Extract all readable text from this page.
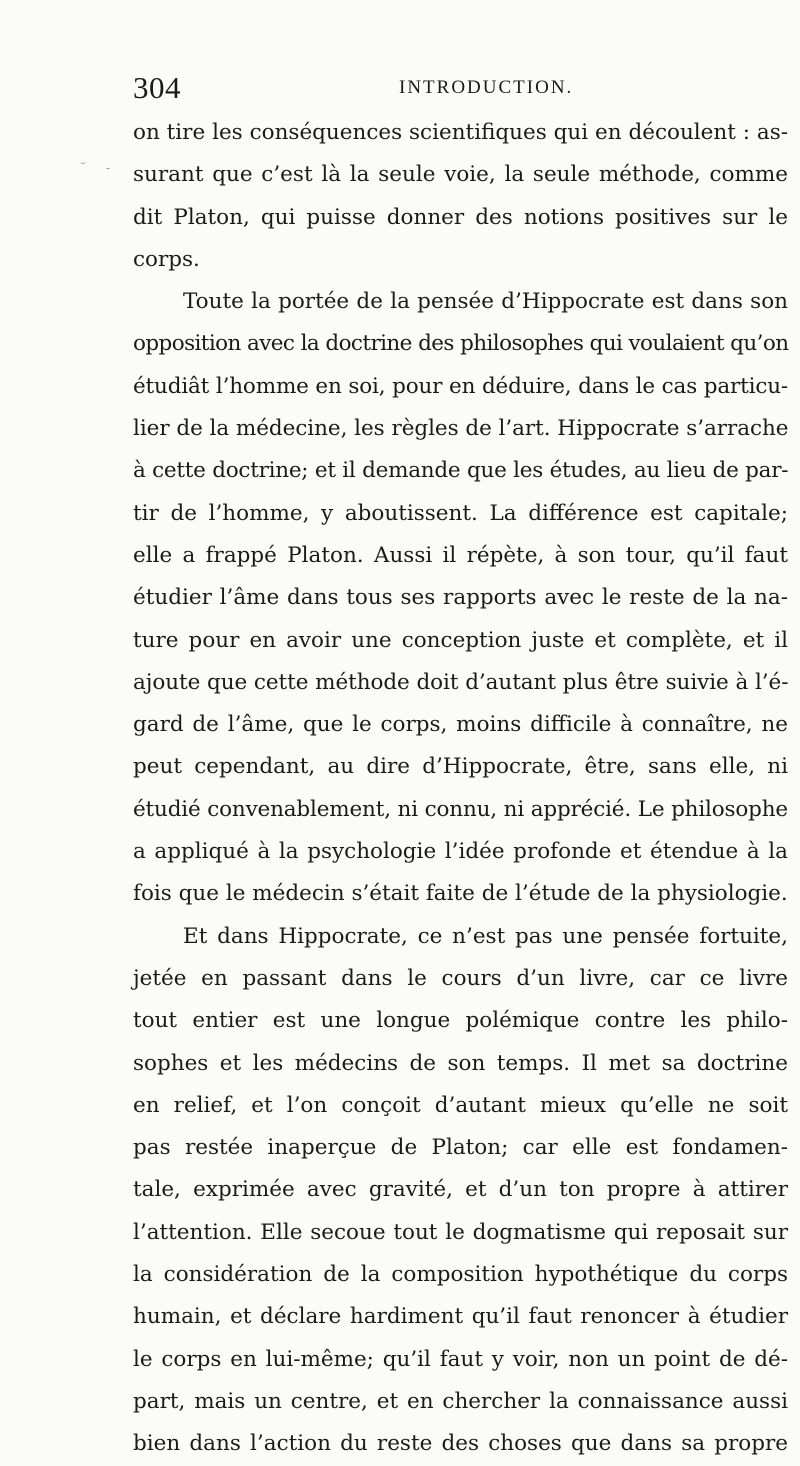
304	INTRODUCTION.
˘ -
on tire les conséquences scientifiques qui en découlent : as-
surant que c’est là la seule voie, la seule méthode, comme
dit Platon, qui puisse donner des notions positives sur le
corps.
Toute la portée de la pensée d’Hippocrate est dans son
opposition avec la doctrine des philosophes qui voulaient qu’on
étudiât l’homme en soi, pour en déduire, dans le cas particu-
lier de la médecine, les règles de l’art. Hippocrate s’arrache
à cette doctrine; et il demande que les études, au lieu de par-
tir de l’homme, y aboutissent. La différence est capitale;
elle a frappé Platon. Aussi il répète, à son tour, qu’il faut
étudier l’âme dans tous ses rapports avec le reste de la na-
ture pour en avoir une conception juste et complète, et il
ajoute que cette méthode doit d’autant plus être suivie à l’é-
gard de l’âme, que le corps, moins difficile à connaître, ne
peut cependant, au dire d’Hippocrate, être, sans elle, ni
étudié convenablement, ni connu, ni apprécié. Le philosophe
a appliqué à la psychologie l’idée profonde et étendue à la
fois que le médecin s’était faite de l’étude de la physiologie.
Et dans Hippocrate, ce n’est pas une pensée fortuite,
jetée en passant dans le cours d’un livre, car ce livre
tout entier est une longue polémique contre les philo-
sophes et les médecins de son temps. Il met sa doctrine
en relief, et l’on conçoit d’autant mieux qu’elle ne soit
pas restée inaperçue de Platon; car elle est fondamen-
tale, exprimée avec gravité, et d’un ton propre à attirer
l’attention. Elle secoue tout le dogmatisme qui reposait sur
la considération de la composition hypothétique du corps
humain, et déclare hardiment qu’il faut renoncer à étudier
le corps en lui-même; qu’il faut y voir, non un point de dé-
part, mais un centre, et en chercher la connaissance aussi
bien dans l’action du reste des choses que dans sa propre
